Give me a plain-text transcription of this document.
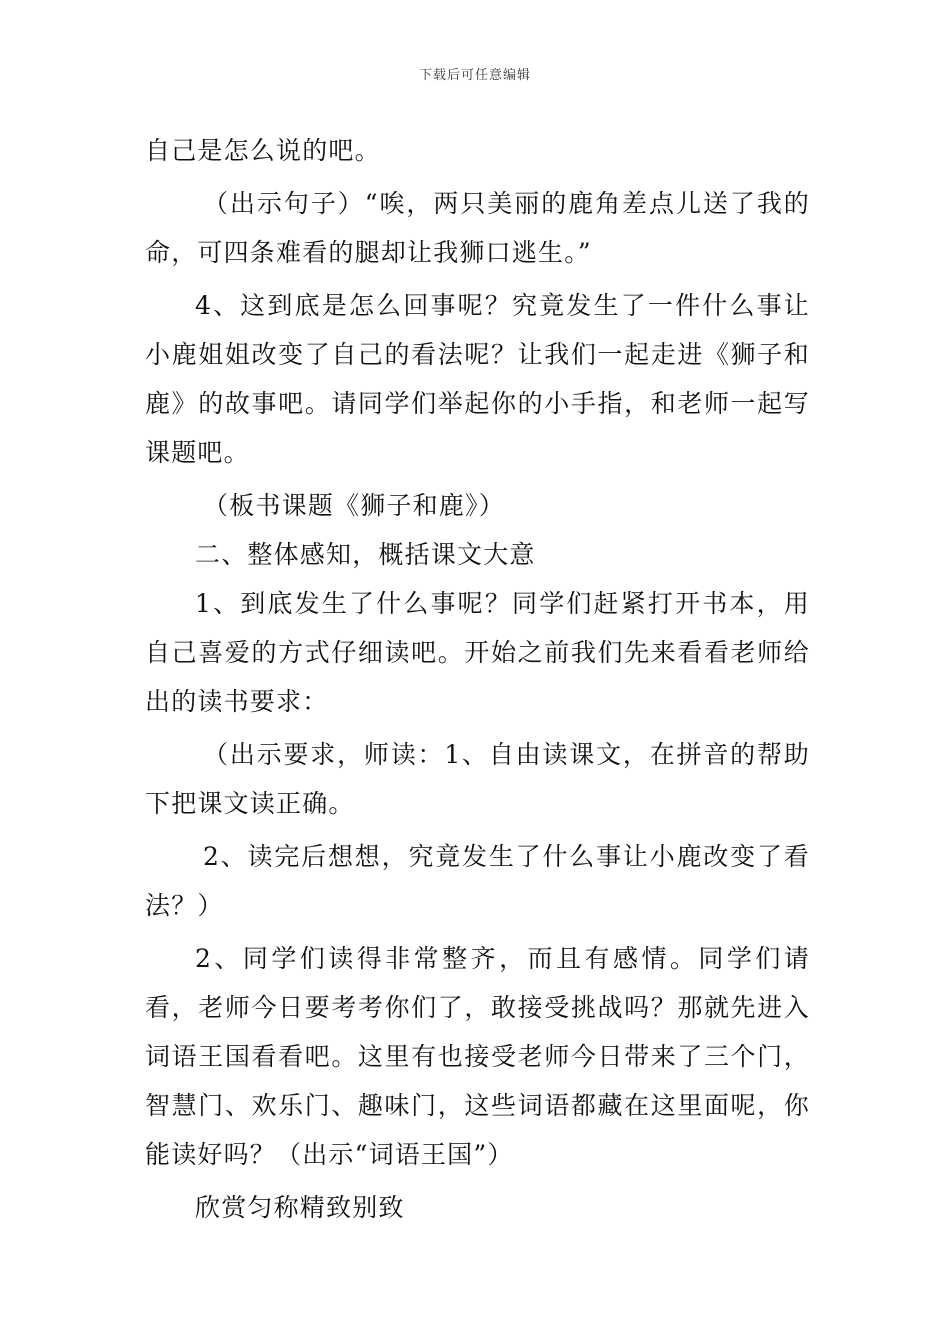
下载后可任意编辑

自己是怎么说的吧。

（出示句子）“唉，两只美丽的鹿角差点儿送了我的命，可四条难看的腿却让我狮口逃生。”

4、这到底是怎么回事呢？究竟发生了一件什么事让小鹿姐姐改变了自己的看法呢？让我们一起走进《狮子和鹿》的故事吧。请同学们举起你的小手指，和老师一起写课题吧。

（板书课题《狮子和鹿》）

二、整体感知，概括课文大意

1、到底发生了什么事呢？同学们赶紧打开书本，用自己喜爱的方式仔细读吧。开始之前我们先来看看老师给出的读书要求：

（出示要求，师读：1、自由读课文，在拼音的帮助下把课文读正确。

2、读完后想想，究竟发生了什么事让小鹿改变了看法？）

2、同学们读得非常整齐，而且有感情。同学们请看，老师今日要考考你们了，敢接受挑战吗？那就先进入词语王国看看吧。这里有也接受老师今日带来了三个门，智慧门、欢乐门、趣味门，这些词语都藏在这里面呢，你能读好吗？（出示“词语王国”）

欣赏匀称精致别致
